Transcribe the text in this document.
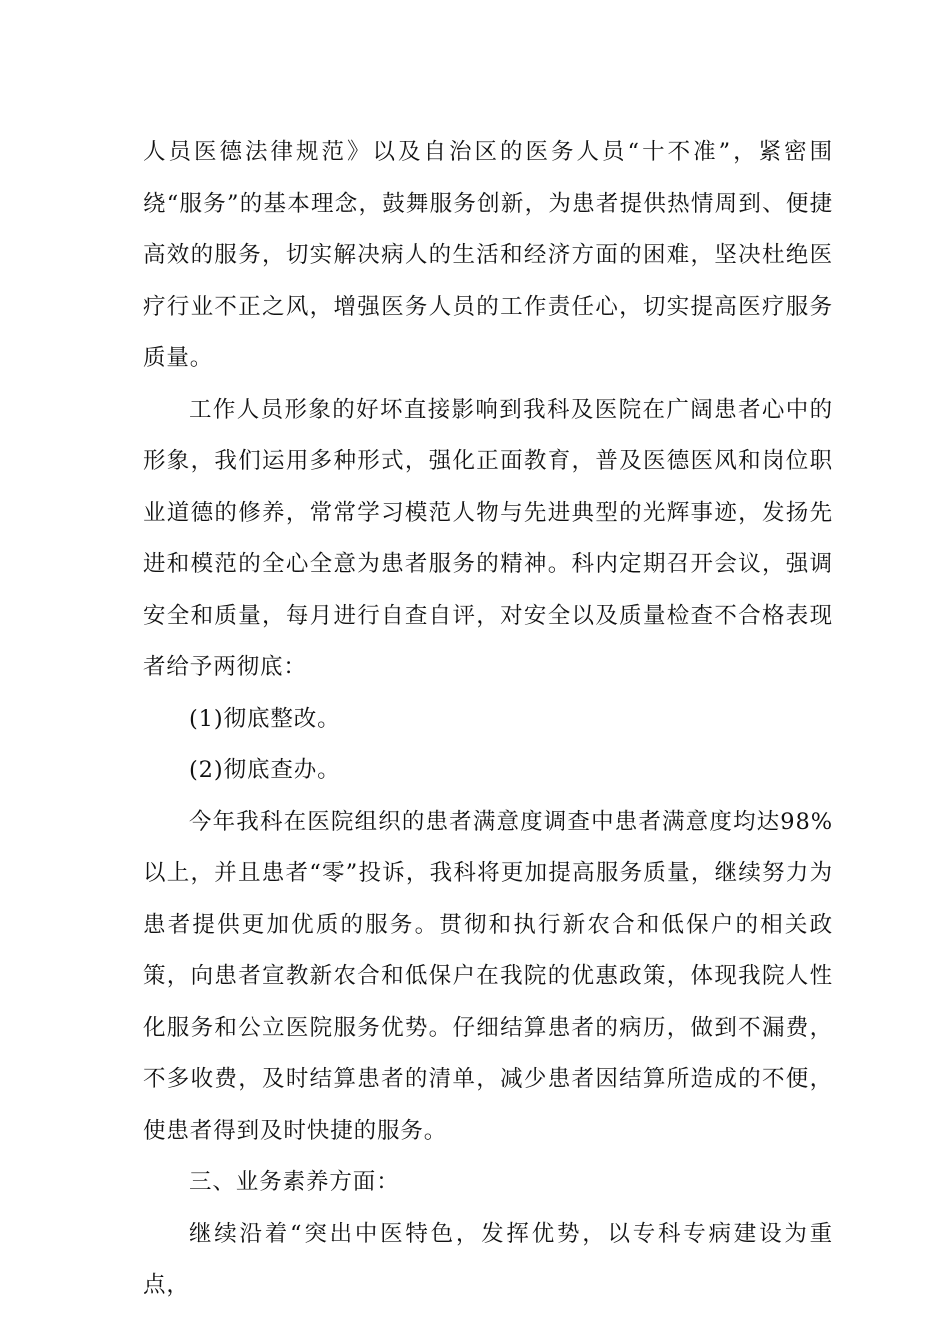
人员医德法律规范》以及自治区的医务人员“十不准”，紧密围绕“服务”的基本理念，鼓舞服务创新，为患者提供热情周到、便捷高效的服务，切实解决病人的生活和经济方面的困难，坚决杜绝医疗行业不正之风，增强医务人员的工作责任心，切实提高医疗服务质量。

工作人员形象的好坏直接影响到我科及医院在广阔患者心中的形象，我们运用多种形式，强化正面教育，普及医德医风和岗位职业道德的修养，常常学习模范人物与先进典型的光辉事迹，发扬先进和模范的全心全意为患者服务的精神。科内定期召开会议，强调安全和质量，每月进行自查自评，对安全以及质量检查不合格表现者给予两彻底：

(1)彻底整改。

(2)彻底查办。

今年我科在医院组织的患者满意度调查中患者满意度均达98%以上，并且患者“零”投诉，我科将更加提高服务质量，继续努力为患者提供更加优质的服务。贯彻和执行新农合和低保户的相关政策，向患者宣教新农合和低保户在我院的优惠政策，体现我院人性化服务和公立医院服务优势。仔细结算患者的病历，做到不漏费，不多收费，及时结算患者的清单，减少患者因结算所造成的不便，使患者得到及时快捷的服务。

三、业务素养方面：

继续沿着“突出中医特色，发挥优势，以专科专病建设为重点，
